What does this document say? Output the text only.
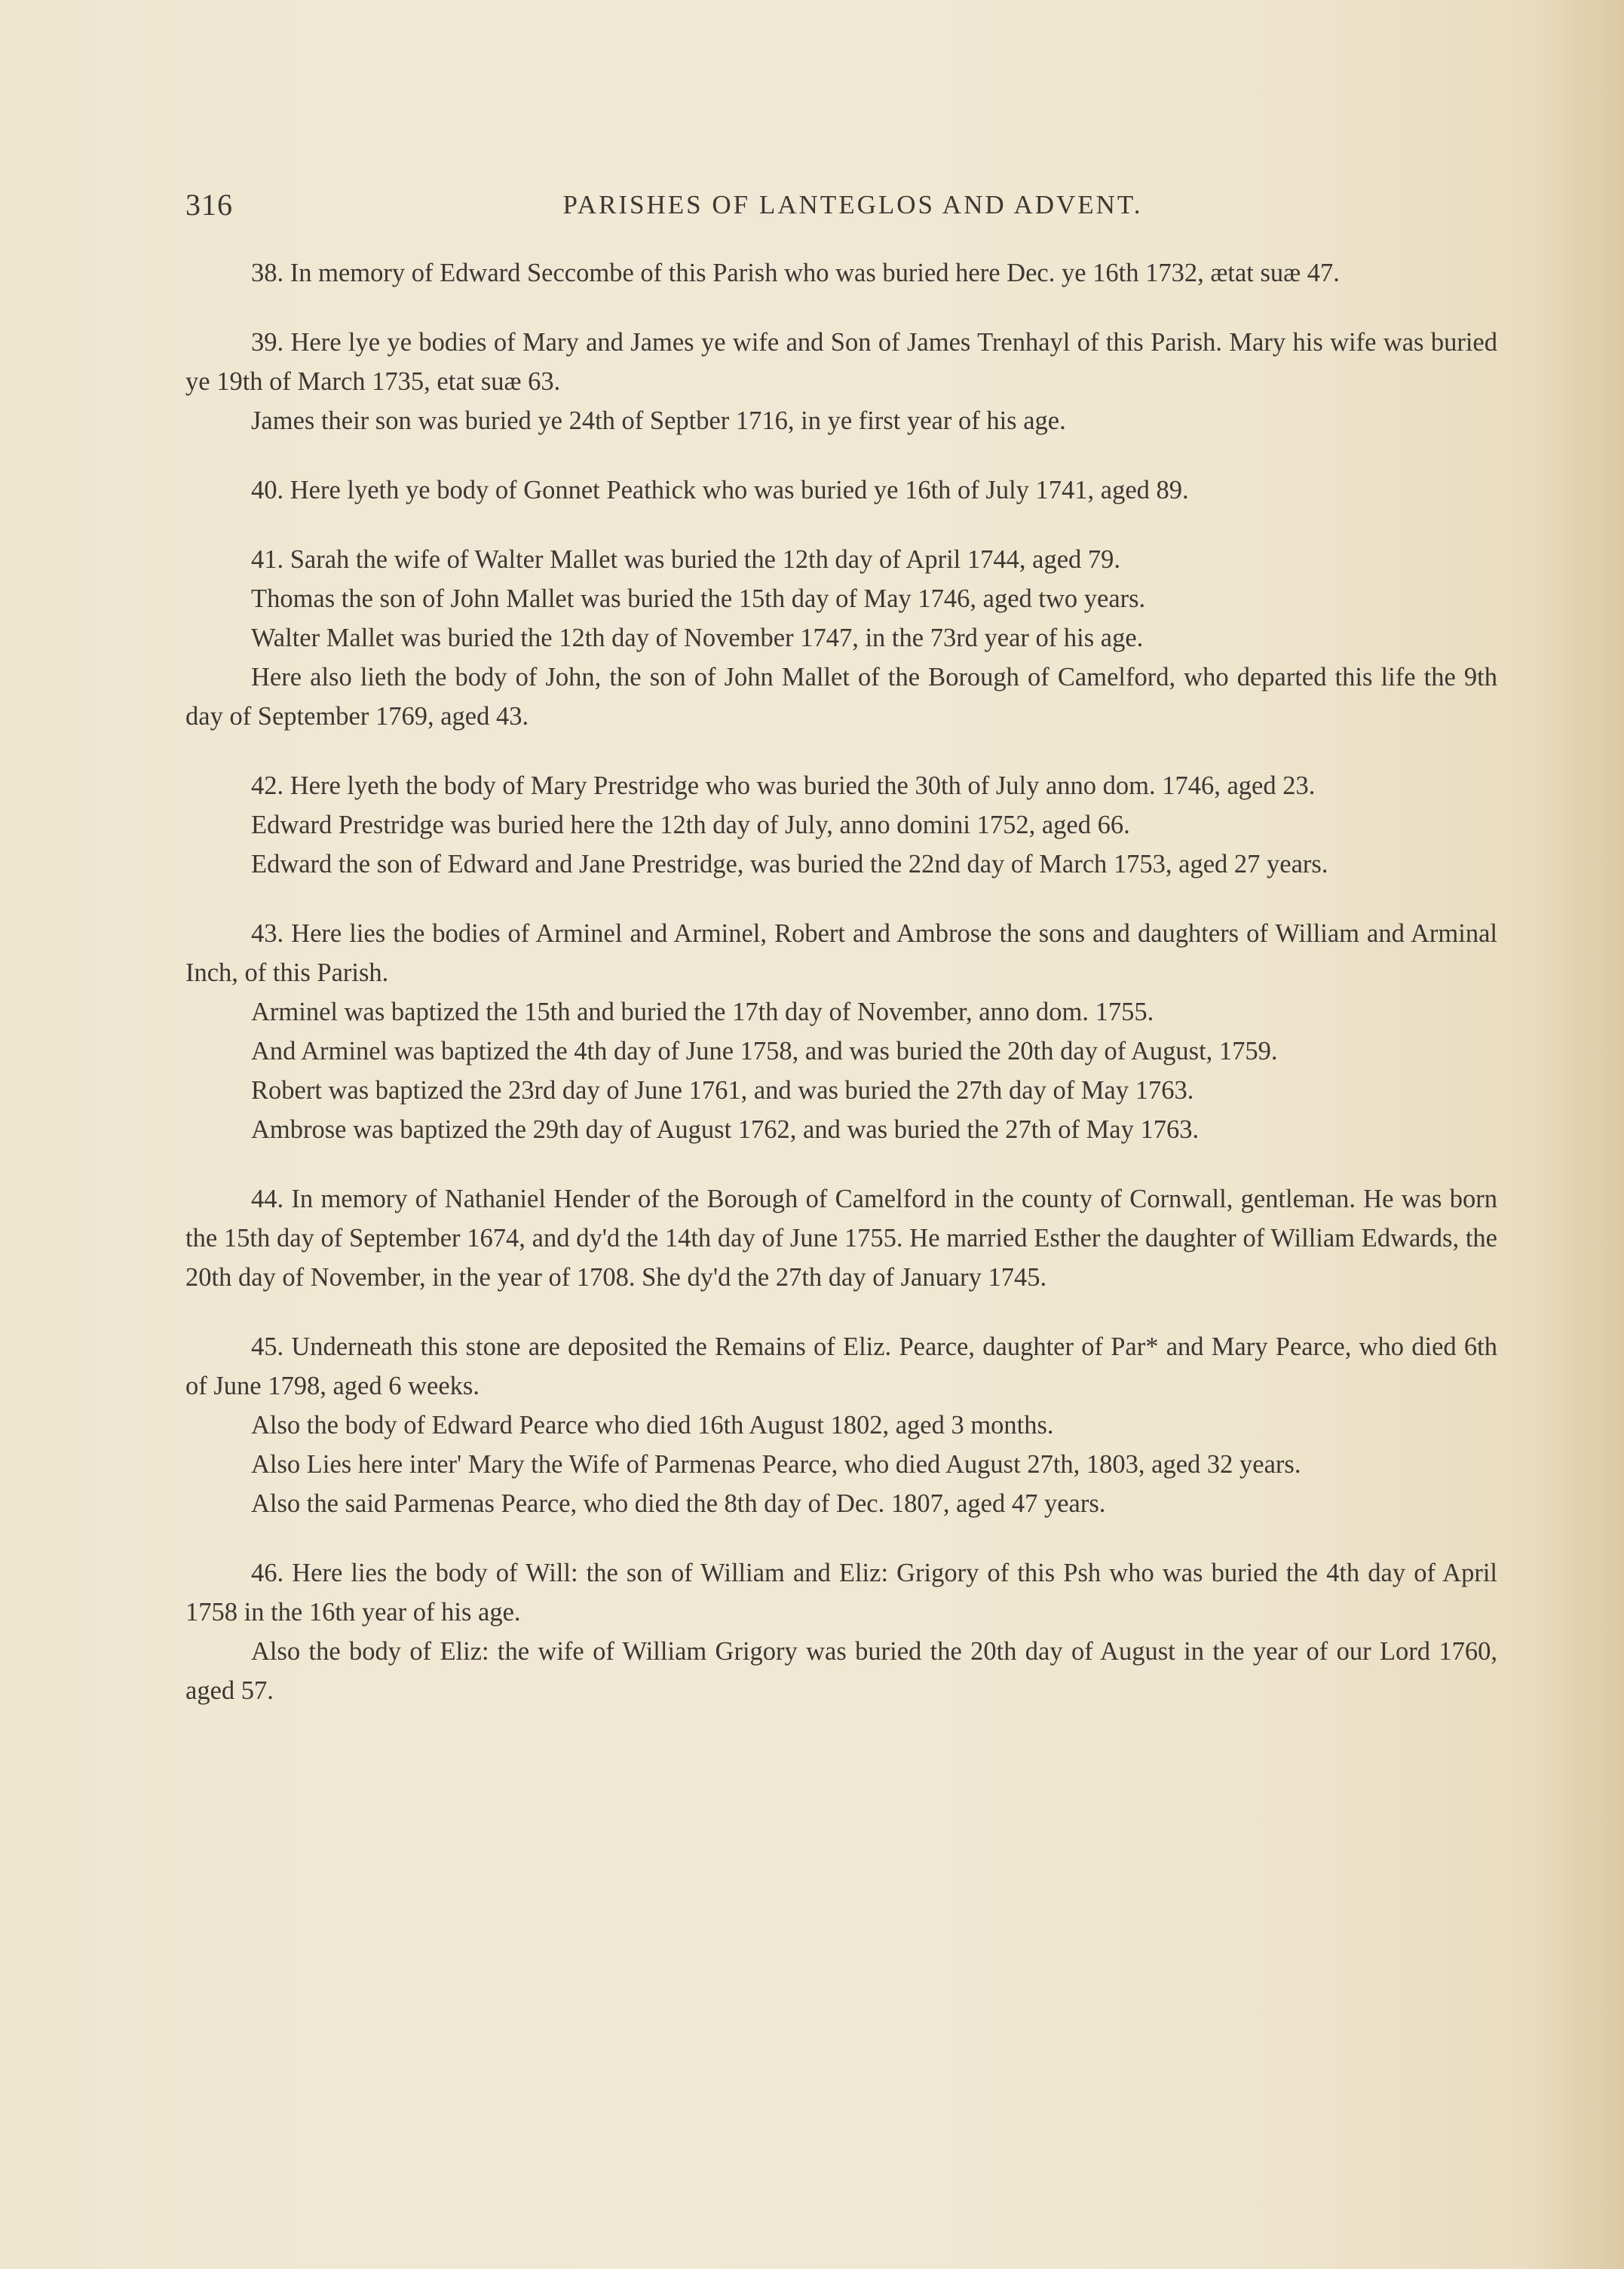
316	PARISHES OF LANTEGLOS AND ADVENT.

38. In memory of Edward Seccombe of this Parish who was buried here Dec. ye 16th 1732, ætat suæ 47.

39. Here lye ye bodies of Mary and James ye wife and Son of James Trenhayl of this Parish. Mary his wife was buried ye 19th of March 1735, etat suæ 63.

James their son was buried ye 24th of Septber 1716, in ye first year of his age.

40. Here lyeth ye body of Gonnet Peathick who was buried ye 16th of July 1741, aged 89.

41. Sarah the wife of Walter Mallet was buried the 12th day of April 1744, aged 79.

Thomas the son of John Mallet was buried the 15th day of May 1746, aged two years.

Walter Mallet was buried the 12th day of November 1747, in the 73rd year of his age.

Here also lieth the body of John, the son of John Mallet of the Borough of Camelford, who departed this life the 9th day of September 1769, aged 43.

42. Here lyeth the body of Mary Prestridge who was buried the 30th of July anno dom. 1746, aged 23.

Edward Prestridge was buried here the 12th day of July, anno domini 1752, aged 66.

Edward the son of Edward and Jane Prestridge, was buried the 22nd day of March 1753, aged 27 years.

43. Here lies the bodies of Arminel and Arminel, Robert and Ambrose the sons and daughters of William and Arminal Inch, of this Parish.

Arminel was baptized the 15th and buried the 17th day of November, anno dom. 1755.

And Arminel was baptized the 4th day of June 1758, and was buried the 20th day of August, 1759.

Robert was baptized the 23rd day of June 1761, and was buried the 27th day of May 1763.

Ambrose was baptized the 29th day of August 1762, and was buried the 27th of May 1763.

44. In memory of Nathaniel Hender of the Borough of Camelford in the county of Cornwall, gentleman. He was born the 15th day of September 1674, and dy'd the 14th day of June 1755. He married Esther the daughter of William Edwards, the 20th day of November, in the year of 1708. She dy'd the 27th day of January 1745.

45. Underneath this stone are deposited the Remains of Eliz. Pearce, daughter of Par* and Mary Pearce, who died 6th of June 1798, aged 6 weeks.

Also the body of Edward Pearce who died 16th August 1802, aged 3 months.

Also Lies here inter' Mary the Wife of Parmenas Pearce, who died August 27th, 1803, aged 32 years.

Also the said Parmenas Pearce, who died the 8th day of Dec. 1807, aged 47 years.

46. Here lies the body of Will: the son of William and Eliz: Grigory of this Psh who was buried the 4th day of April 1758 in the 16th year of his age.

Also the body of Eliz: the wife of William Grigory was buried the 20th day of August in the year of our Lord 1760, aged 57.
